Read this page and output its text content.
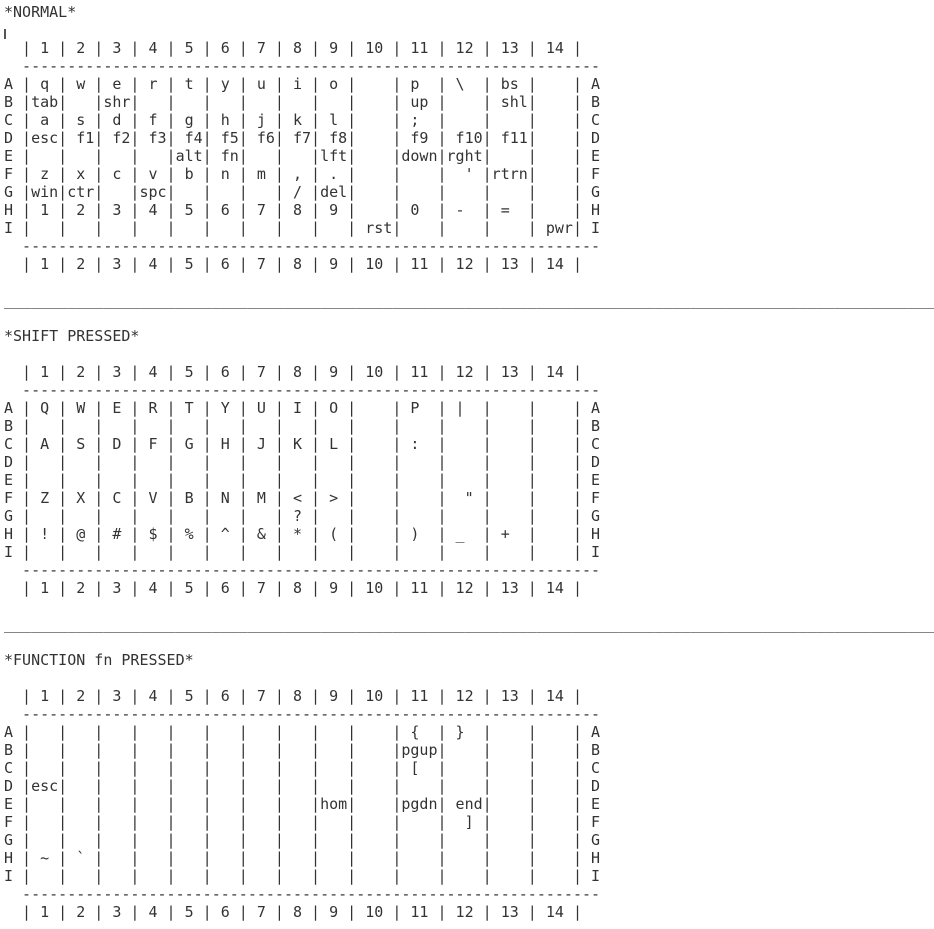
*NORMAL*
| 1 | 2 | 3 | 4 | 5 | 6 | 7 | 8 | 9 | 10 | 11 | 12 | 13 | 14 |
----------------------------------------------------------------
A | q | w | e | r | t | y | u | i | o |    | p  | \  | bs |    | A
B |tab|   |shr|   |   |   |   |   |   |    | up |    | shl|    | B
C | a | s | d | f | g | h | j | k | l |    | ;  |    |    |    | C
D |esc| f1| f2| f3| f4| f5| f6| f7| f8|    | f9 | f10| f11|    | D
E |   |   |   |   |alt| fn|   |   |lft|    |down|rght|    |    | E
F | z | x | c | v | b | n | m | , | . |    |    |  ' |rtrn|    | F
G |win|ctr|   |spc|   |   |   | / |del|    |    |    |    |    | G
H | 1 | 2 | 3 | 4 | 5 | 6 | 7 | 8 | 9 |    | 0  | -  | =  |    | H
I |   |   |   |   |   |   |   |   |   | rst|    |    |    | pwr| I
----------------------------------------------------------------
| 1 | 2 | 3 | 4 | 5 | 6 | 7 | 8 | 9 | 10 | 11 | 12 | 13 | 14 |
_______________________________________________________________________________________________________
*SHIFT PRESSED*
| 1 | 2 | 3 | 4 | 5 | 6 | 7 | 8 | 9 | 10 | 11 | 12 | 13 | 14 |
----------------------------------------------------------------
A | Q | W | E | R | T | Y | U | I | O |    | P  | |  |    |    | A
B |   |   |   |   |   |   |   |   |   |    |    |    |    |    | B
C | A | S | D | F | G | H | J | K | L |    | :  |    |    |    | C
D |   |   |   |   |   |   |   |   |   |    |    |    |    |    | D
E |   |   |   |   |   |   |   |   |   |    |    |    |    |    | E
F | Z | X | C | V | B | N | M | < | > |    |    |  " |    |    | F
G |   |   |   |   |   |   |   | ? |   |    |    |    |    |    | G
H | ! | @ | # | $ | % | ^ | & | * | ( |    | )  | _  | +  |    | H
I |   |   |   |   |   |   |   |   |   |    |    |    |    |    | I
----------------------------------------------------------------
| 1 | 2 | 3 | 4 | 5 | 6 | 7 | 8 | 9 | 10 | 11 | 12 | 13 | 14 |
_______________________________________________________________________________________________________
*FUNCTION fn PRESSED*
| 1 | 2 | 3 | 4 | 5 | 6 | 7 | 8 | 9 | 10 | 11 | 12 | 13 | 14 |
----------------------------------------------------------------
A |   |   |   |   |   |   |   |   |   |    | {  | }  |    |    | A
B |   |   |   |   |   |   |   |   |   |    |pgup|    |    |    | B
C |   |   |   |   |   |   |   |   |   |    | [  |    |    |    | C
D |esc|   |   |   |   |   |   |   |   |    |    |    |    |    | D
E |   |   |   |   |   |   |   |   |hom|    |pgdn| end|    |    | E
F |   |   |   |   |   |   |   |   |   |    |    |  ] |    |    | F
G |   |   |   |   |   |   |   |   |   |    |    |    |    |    | G
H | ~ | ` |   |   |   |   |   |   |   |    |    |    |    |    | H
I |   |   |   |   |   |   |   |   |   |    |    |    |    |    | I
----------------------------------------------------------------
| 1 | 2 | 3 | 4 | 5 | 6 | 7 | 8 | 9 | 10 | 11 | 12 | 13 | 14 |
